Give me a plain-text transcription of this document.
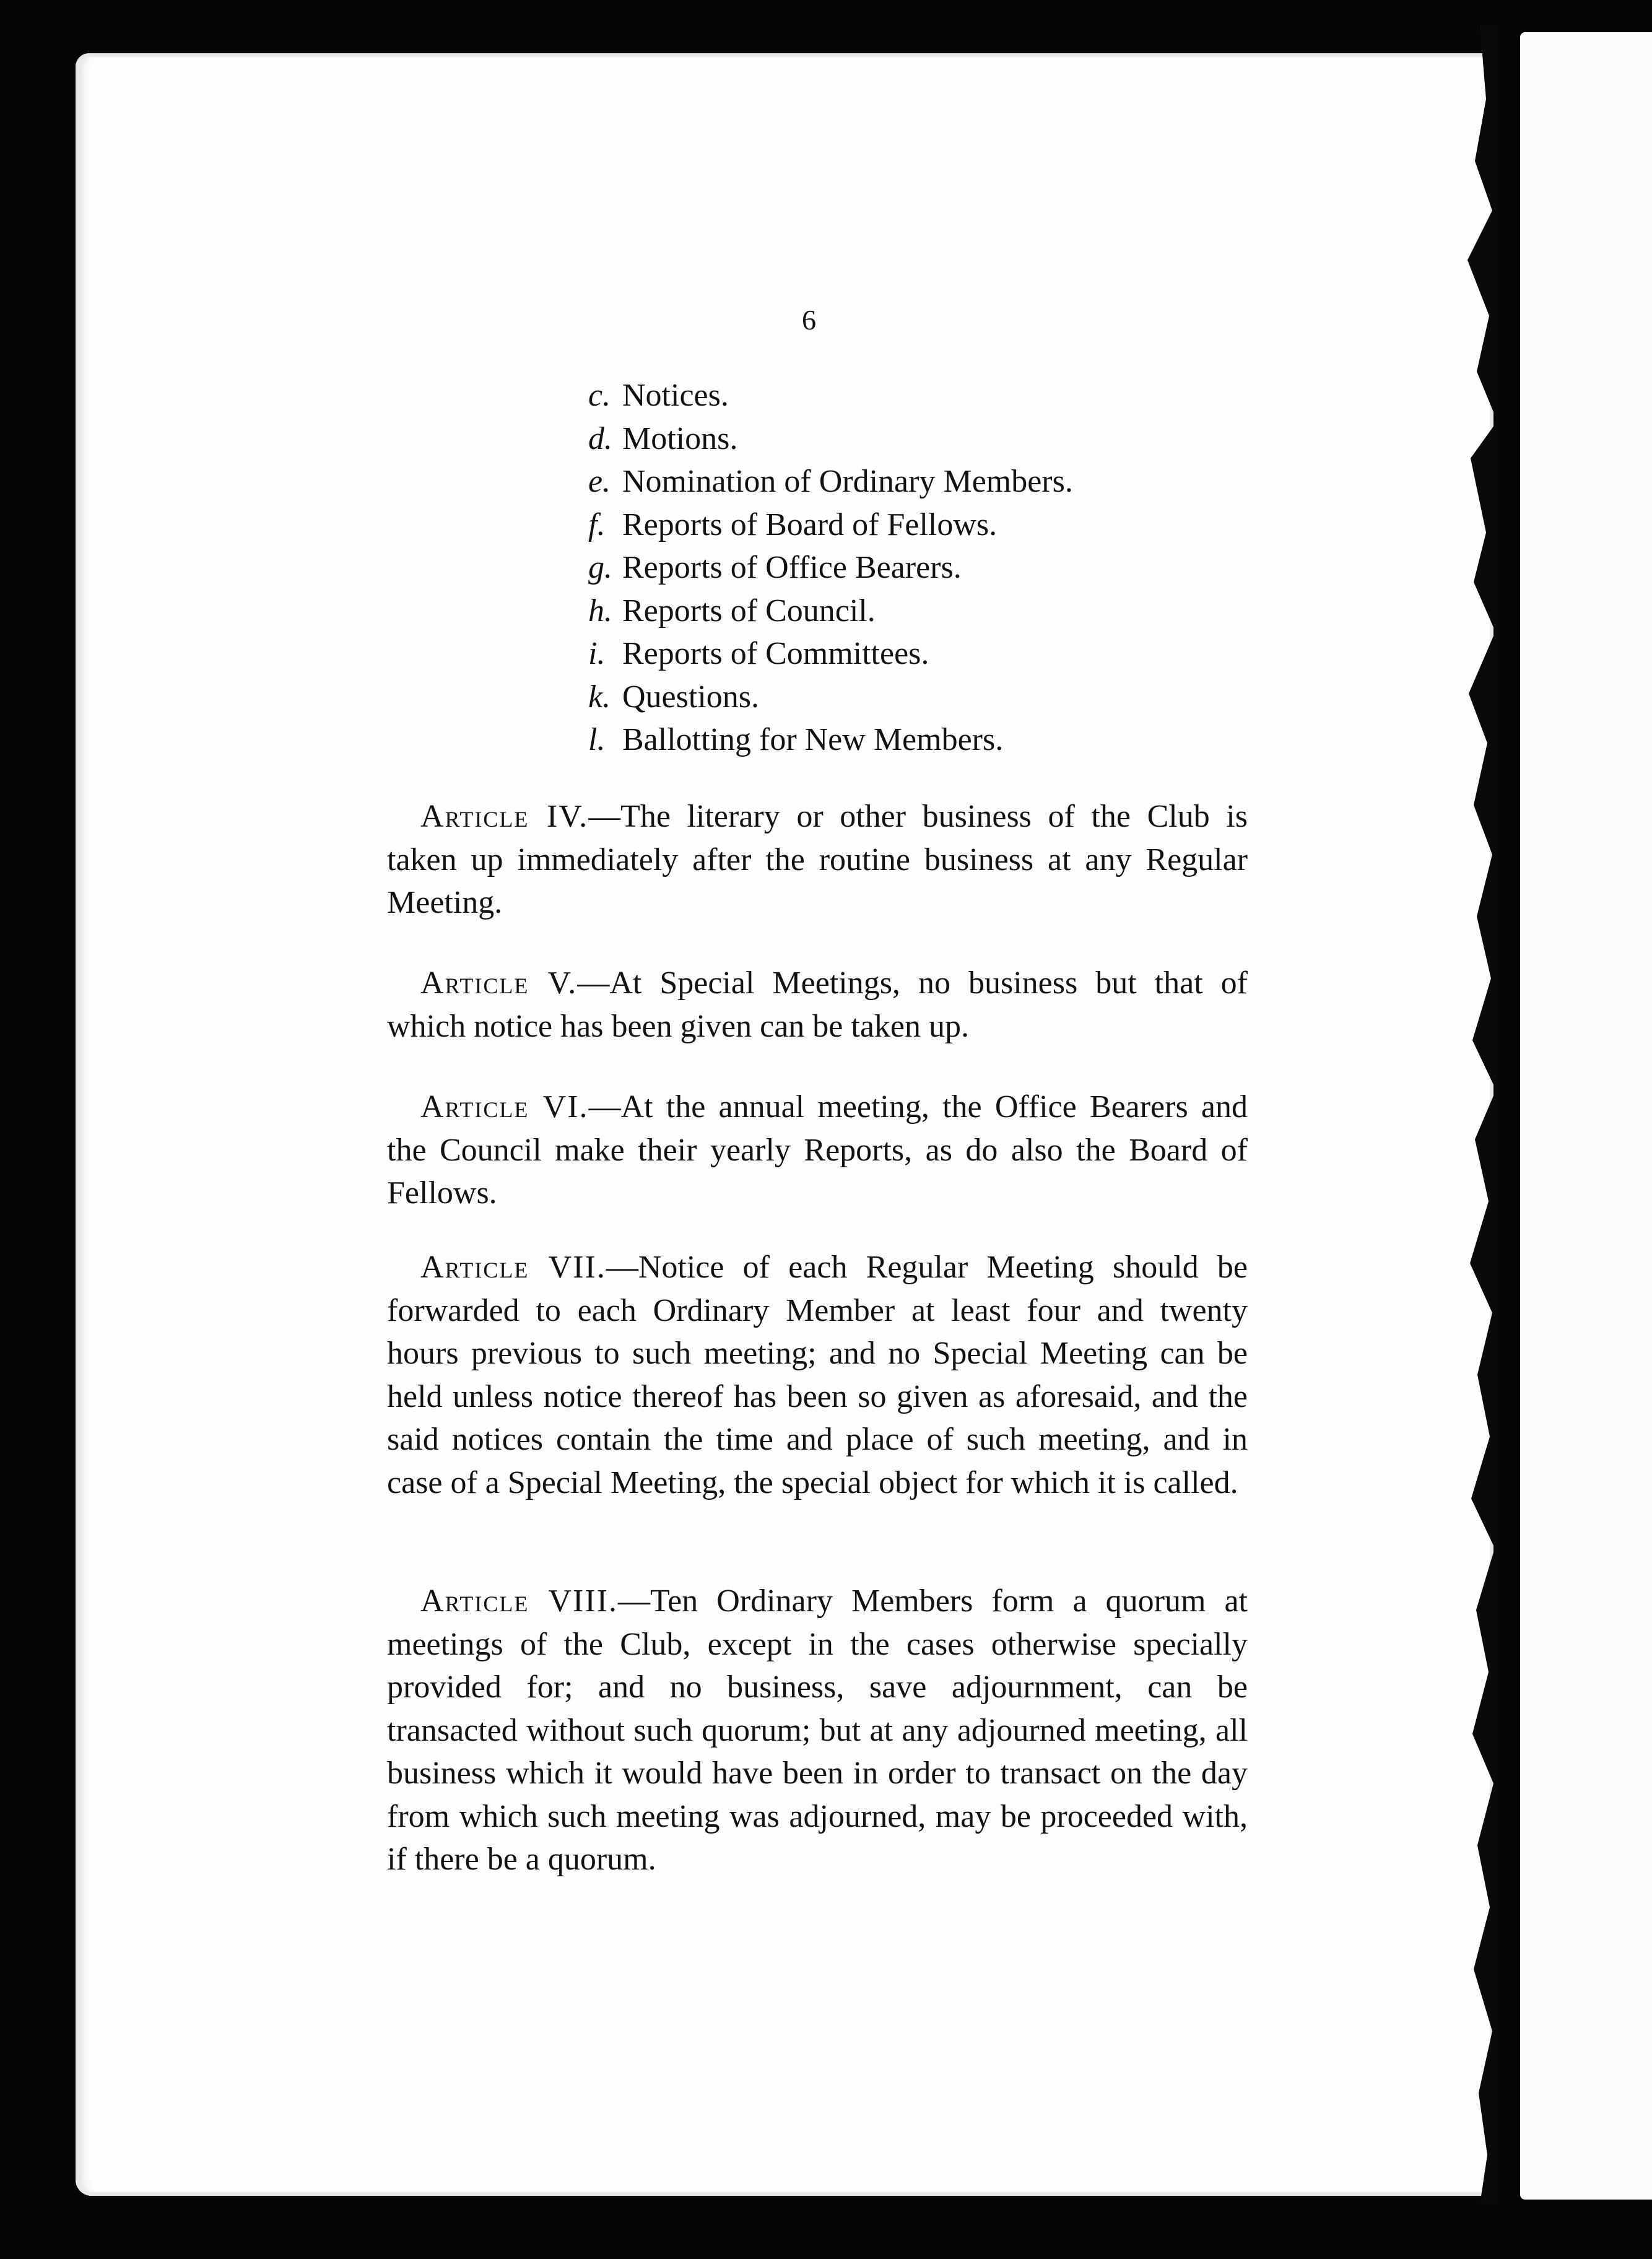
6
c. Notices.
d. Motions.
e. Nomination of Ordinary Members.
f. Reports of Board of Fellows.
g. Reports of Office Bearers.
h. Reports of Council.
i. Reports of Committees.
k. Questions.
l. Ballotting for New Members.

Article IV.—The literary or other business of the Club is taken up immediately after the routine business at any Regular Meeting.

Article V.—At Special Meetings, no business but that of which notice has been given can be taken up.

Article VI.—At the annual meeting, the Office Bearers and the Council make their yearly Reports, as do also the Board of Fellows.

Article VII.—Notice of each Regular Meeting should be forwarded to each Ordinary Member at least four and twenty hours previous to such meeting; and no Special Meeting can be held unless notice thereof has been so given as aforesaid, and the said notices contain the time and place of such meeting, and in case of a Special Meeting, the special object for which it is called.

Article VIII.—Ten Ordinary Members form a quorum at meetings of the Club, except in the cases otherwise specially provided for; and no business, save adjournment, can be transacted without such quorum; but at any adjourned meeting, all business which it would have been in order to transact on the day from which such meeting was adjourned, may be proceeded with, if there be a quorum.
